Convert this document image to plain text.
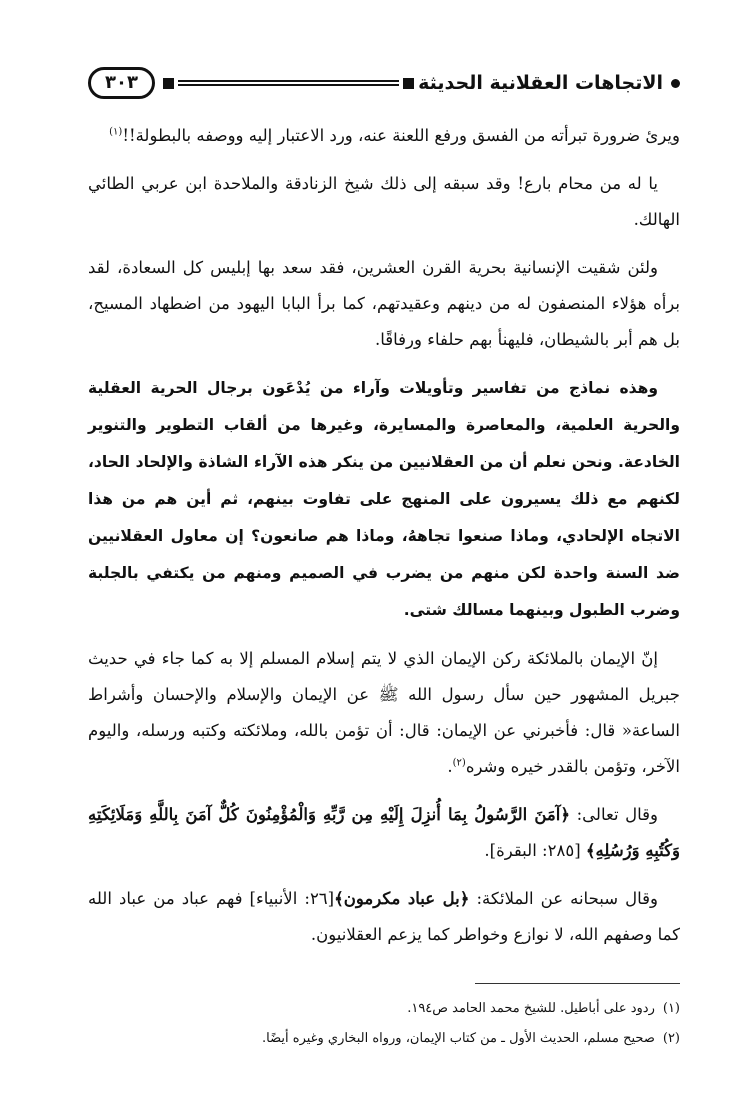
الاتجاهات العقلانية الحديثة
٣٠٣

ويرئ ضرورة تبرأته من الفسق ورفع اللعنة عنه، ورد الاعتبار إليه ووصفه بالبطولة!!$^{(١)}$

يا له من محام بارع! وقد سبقه إلى ذلك شيخ الزنادقة والملاحدة ابن عربي الطائي الهالك.

ولئن شقيت الإنسانية بحرية القرن العشرين، فقد سعد بها إبليس كل السعادة، لقد برأه هؤلاء المنصفون له من دينهم وعقيدتهم، كما برأ البابا اليهود من اضطهاد المسيح، بل هم أبر بالشيطان، فليهنأ بهم حلفاء ورفاقًا.

وهذه نماذج من تفاسير وتأويلات وآراء من يُدْعَون برجال الحرية العقلية والحرية العلمية، والمعاصرة والمسايرة، وغيرها من ألقاب التطوير والتنوير الخادعة. ونحن نعلم أن من العقلانيين من ينكر هذه الآراء الشاذة والإلحاد الحاد، لكنهم مع ذلك يسيرون على المنهج على تفاوت بينهم، ثم أين هم من هذا الاتجاه الإلحادي، وماذا صنعوا تجاههُ، وماذا هم صانعون؟ إن معاول العقلانيين ضد السنة واحدة لكن منهم من يضرب في الصميم ومنهم من يكتفي بالجلبة وضرب الطبول وبينهما مسالك شتى.

إنّ الإيمان بالملائكة ركن الإيمان الذي لا يتم إسلام المسلم إلا به كما جاء في حديث جبريل المشهور حين سأل رسول الله ﷺ عن الإيمان والإسلام والإحسان وأشراط الساعة« قال: فأخبرني عن الإيمان: قال: أن تؤمن بالله، وملائكته وكتبه ورسله، واليوم الآخر، وتؤمن بالقدر خيره وشره$^{(٢)}$.

وقال تعالى: ﴿آمَنَ الرَّسُولُ بِمَا أُنزِلَ إِلَيْهِ مِن رَّبِّهِ وَالْمُؤْمِنُونَ كُلٌّ آمَنَ بِاللَّهِ وَمَلَائِكَتِهِ وَكُتُبِهِ وَرُسُلِهِ﴾ [٢٨٥: البقرة].

وقال سبحانه عن الملائكة: ﴿بل عباد مكرمون﴾[٢٦: الأنبياء] فهم عباد من عباد الله كما وصفهم الله، لا نوازع وخواطر كما يزعم العقلانيون.

(١)
ردود على أباطيل. للشيخ محمد الحامد ص١٩٤.
(٢)
صحيح مسلم، الحديث الأول ـ من كتاب الإيمان، ورواه البخاري وغيره أيضًا.
